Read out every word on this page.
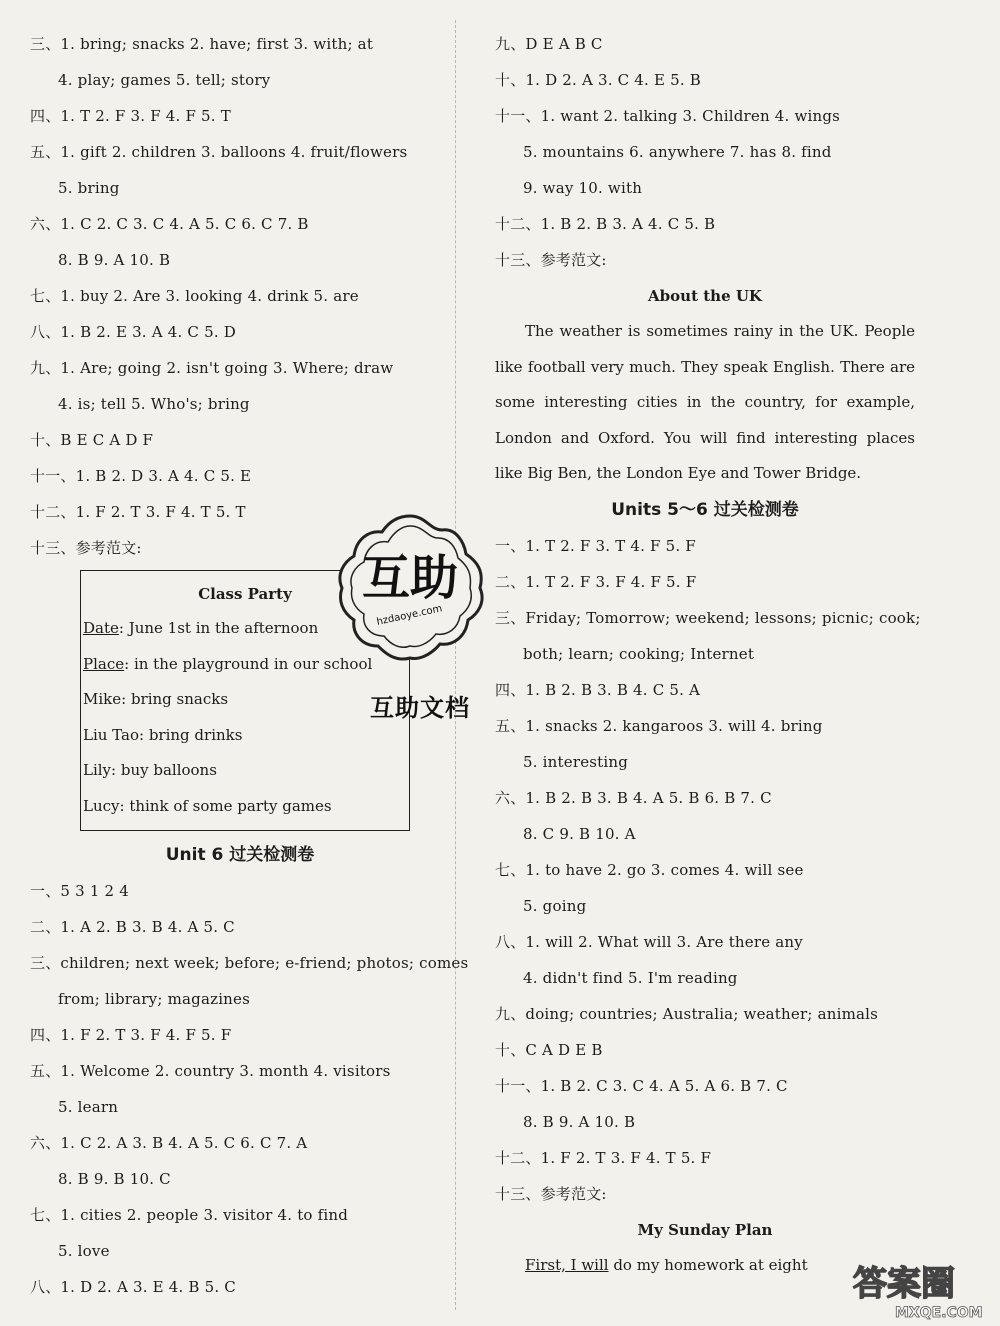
三、1. bring; snacks 2. have; first 3. with; at
4. play; games 5. tell; story
四、1. T 2. F 3. F 4. F 5. T
五、1. gift 2. children 3. balloons 4. fruit/flowers
5. bring
六、1. C 2. C 3. C 4. A 5. C 6. C 7. B
8. B 9. A 10. B
七、1. buy 2. Are 3. looking 4. drink 5. are
八、1. B 2. E 3. A 4. C 5. D
九、1. Are; going 2. isn't going 3. Where; draw
4. is; tell 5. Who's; bring
十、B E C A D F
十一、1. B 2. D 3. A 4. C 5. E
十二、1. F 2. T 3. F 4. T 5. T
十三、参考范文:
Class Party
Date: June 1st in the afternoon
Place: in the playground in our school
Mike: bring snacks
Liu Tao: bring drinks
Lily: buy balloons
Lucy: think of some party games
Unit 6 过关检测卷
一、5 3 1 2 4
二、1. A 2. B 3. B 4. A 5. C
三、children; next week; before; e-friend; photos; comes
from; library; magazines
四、1. F 2. T 3. F 4. F 5. F
五、1. Welcome 2. country 3. month 4. visitors
5. learn
六、1. C 2. A 3. B 4. A 5. C 6. C 7. A
8. B 9. B 10. C
七、1. cities 2. people 3. visitor 4. to find
5. love
八、1. D 2. A 3. E 4. B 5. C
九、D E A B C
十、1. D 2. A 3. C 4. E 5. B
十一、1. want 2. talking 3. Children 4. wings
5. mountains 6. anywhere 7. has 8. find
9. way 10. with
十二、1. B 2. B 3. A 4. C 5. B
十三、参考范文:
About the UK

The weather is sometimes rainy in the UK. People like football very much. They speak English. There are some interesting cities in the country, for example, London and Oxford. You will find interesting places like Big Ben, the London Eye and Tower Bridge.

Units 5～6 过关检测卷
一、1. T 2. F 3. T 4. F 5. F
二、1. T 2. F 3. F 4. F 5. F
三、Friday; Tomorrow; weekend; lessons; picnic; cook;
both; learn; cooking; Internet
四、1. B 2. B 3. B 4. C 5. A
五、1. snacks 2. kangaroos 3. will 4. bring
5. interesting
六、1. B 2. B 3. B 4. A 5. B 6. B 7. C
8. C 9. B 10. A
七、1. to have 2. go 3. comes 4. will see
5. going
八、1. will 2. What will 3. Are there any
4. didn't find 5. I'm reading
九、doing; countries; Australia; weather; animals
十、C A D E B
十一、1. B 2. C 3. C 4. A 5. A 6. B 7. C
8. B 9. A 10. B
十二、1. F 2. T 3. F 4. T 5. F
十三、参考范文:
My Sunday Plan

First, I will do my homework at eight

互助
hzdaoye.com
互助文档
答案圈
MXQE.COM
